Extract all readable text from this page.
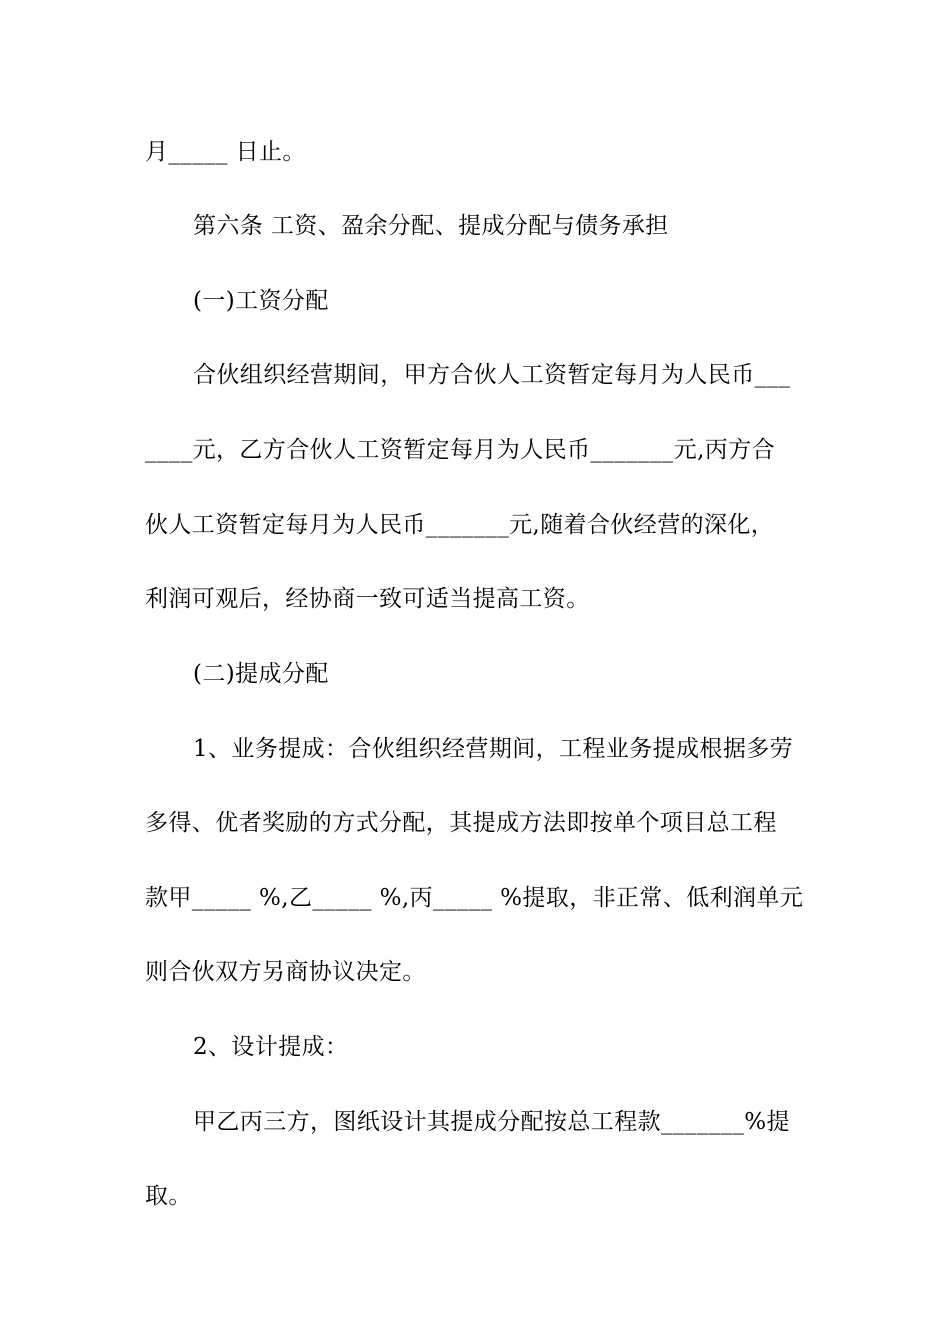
月_____ 日止。
第六条 工资、盈余分配、提成分配与债务承担
(一)工资分配
合伙组织经营期间，甲方合伙人工资暂定每月为人民币___
____元，乙方合伙人工资暂定每月为人民币_______元,丙方合
伙人工资暂定每月为人民币_______元,随着合伙经营的深化，
利润可观后，经协商一致可适当提高工资。
(二)提成分配
1、业务提成：合伙组织经营期间，工程业务提成根据多劳
多得、优者奖励的方式分配，其提成方法即按单个项目总工程
款甲_____ %,乙_____ %,丙_____ %提取，非正常、低利润单元
则合伙双方另商协议决定。
2、设计提成：
甲乙丙三方，图纸设计其提成分配按总工程款_______%提
取。
